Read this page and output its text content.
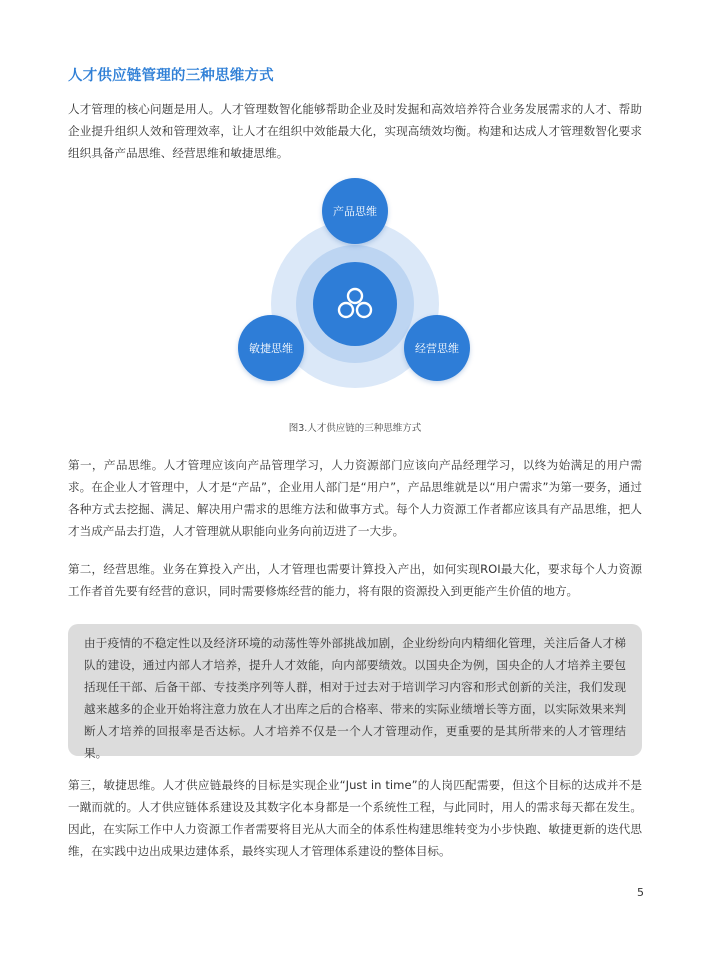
人才供应链管理的三种思维方式

人才管理的核心问题是用人。人才管理数智化能够帮助企业及时发掘和高效培养符合业务发展需求的人才、帮助企业提升组织人效和管理效率，让人才在组织中效能最大化，实现高绩效均衡。构建和达成人才管理数智化要求组织具备产品思维、经营思维和敏捷思维。

产品思维
敏捷思维	经营思维
图3.人才供应链的三种思维方式

第一，产品思维。人才管理应该向产品管理学习，人力资源部门应该向产品经理学习，以终为始满足的用户需求。在企业人才管理中，人才是“产品”，企业用人部门是“用户”，产品思维就是以“用户需求”为第一要务，通过各种方式去挖掘、满足、解决用户需求的思维方法和做事方式。每个人力资源工作者都应该具有产品思维，把人才当成产品去打造，人才管理就从职能向业务向前迈进了一大步。

第二，经营思维。业务在算投入产出，人才管理也需要计算投入产出，如何实现ROI最大化，要求每个人力资源工作者首先要有经营的意识，同时需要修炼经营的能力，将有限的资源投入到更能产生价值的地方。

由于疫情的不稳定性以及经济环境的动荡性等外部挑战加剧，企业纷纷向内精细化管理，关注后备人才梯队的建设，通过内部人才培养，提升人才效能，向内部要绩效。以国央企为例，国央企的人才培养主要包括现任干部、后备干部、专技类序列等人群，相对于过去对于培训学习内容和形式创新的关注，我们发现越来越多的企业开始将注意力放在人才出库之后的合格率、带来的实际业绩增长等方面，以实际效果来判断人才培养的回报率是否达标。人才培养不仅是一个人才管理动作，更重要的是其所带来的人才管理结果。

第三，敏捷思维。人才供应链最终的目标是实现企业“Just in time”的人岗匹配需要，但这个目标的达成并不是一蹴而就的。人才供应链体系建设及其数字化本身都是一个系统性工程，与此同时，用人的需求每天都在发生。因此，在实际工作中人力资源工作者需要将目光从大而全的体系性构建思维转变为小步快跑、敏捷更新的迭代思维，在实践中边出成果边建体系，最终实现人才管理体系建设的整体目标。

5
